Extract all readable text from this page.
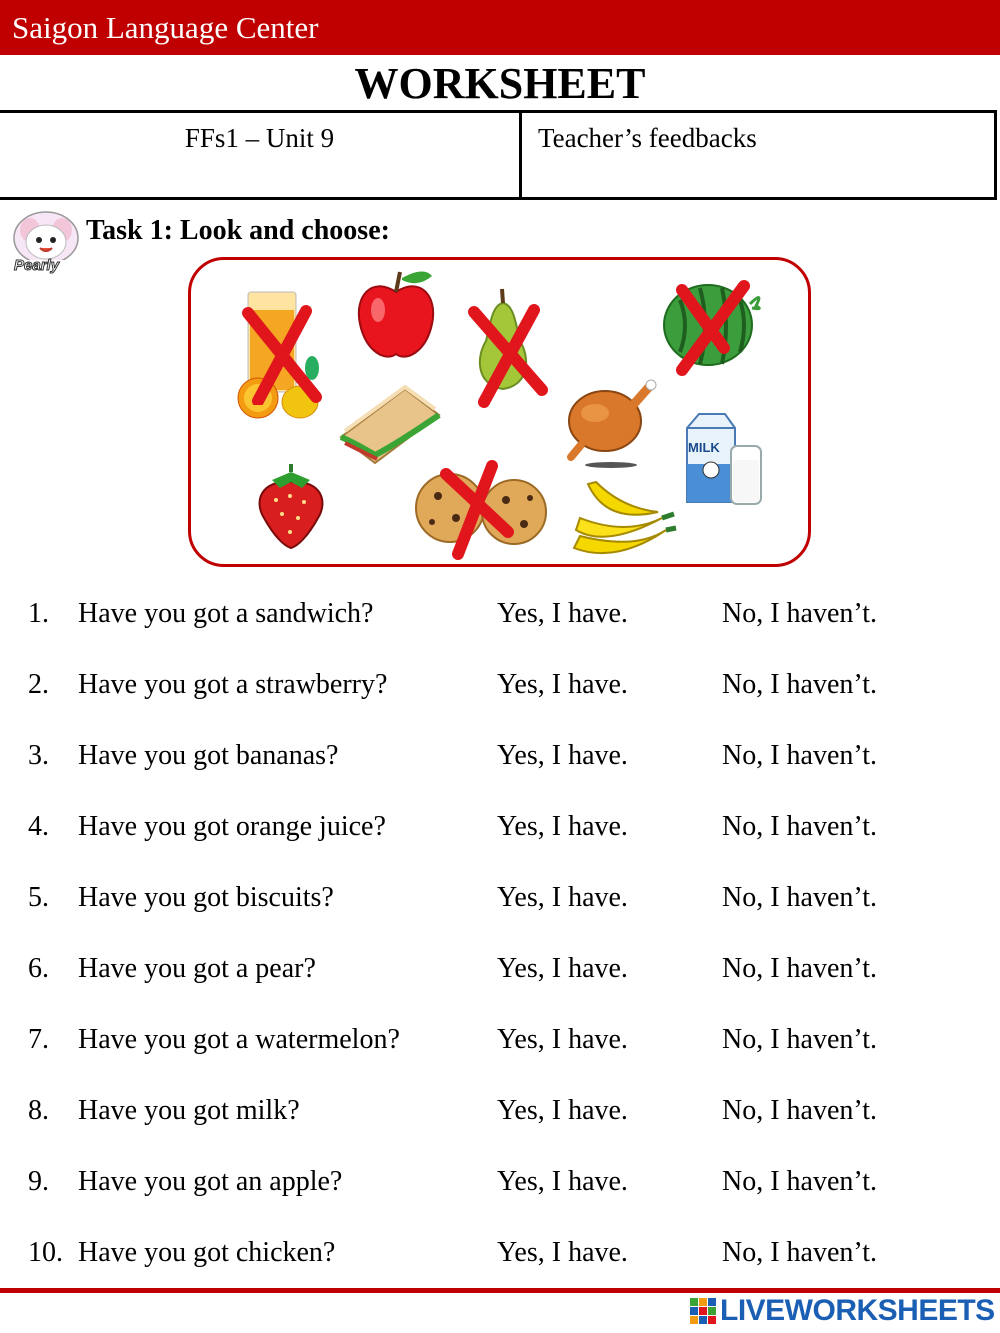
Saigon Language Center
WORKSHEET
FFs1 – Unit 9	Teacher’s feedbacks
Pearly
Task 1: Look and choose:
MILK
1. Have you got a sandwich?	Yes, I have.	No, I haven’t.
2. Have you got a strawberry?	Yes, I have.	No, I haven’t.
3. Have you got bananas?	Yes, I have.	No, I haven’t.
4. Have you got orange juice?	Yes, I have.	No, I haven’t.
5. Have you got biscuits?	Yes, I have.	No, I haven’t.
6. Have you got a pear?	Yes, I have.	No, I haven’t.
7. Have you got a watermelon?	Yes, I have.	No, I haven’t.
8. Have you got milk?	Yes, I have.	No, I haven’t.
9. Have you got an apple?	Yes, I have.	No, I haven’t.
10. Have you got chicken?	Yes, I have.	No, I haven’t.
LIVEWORKSHEETS
